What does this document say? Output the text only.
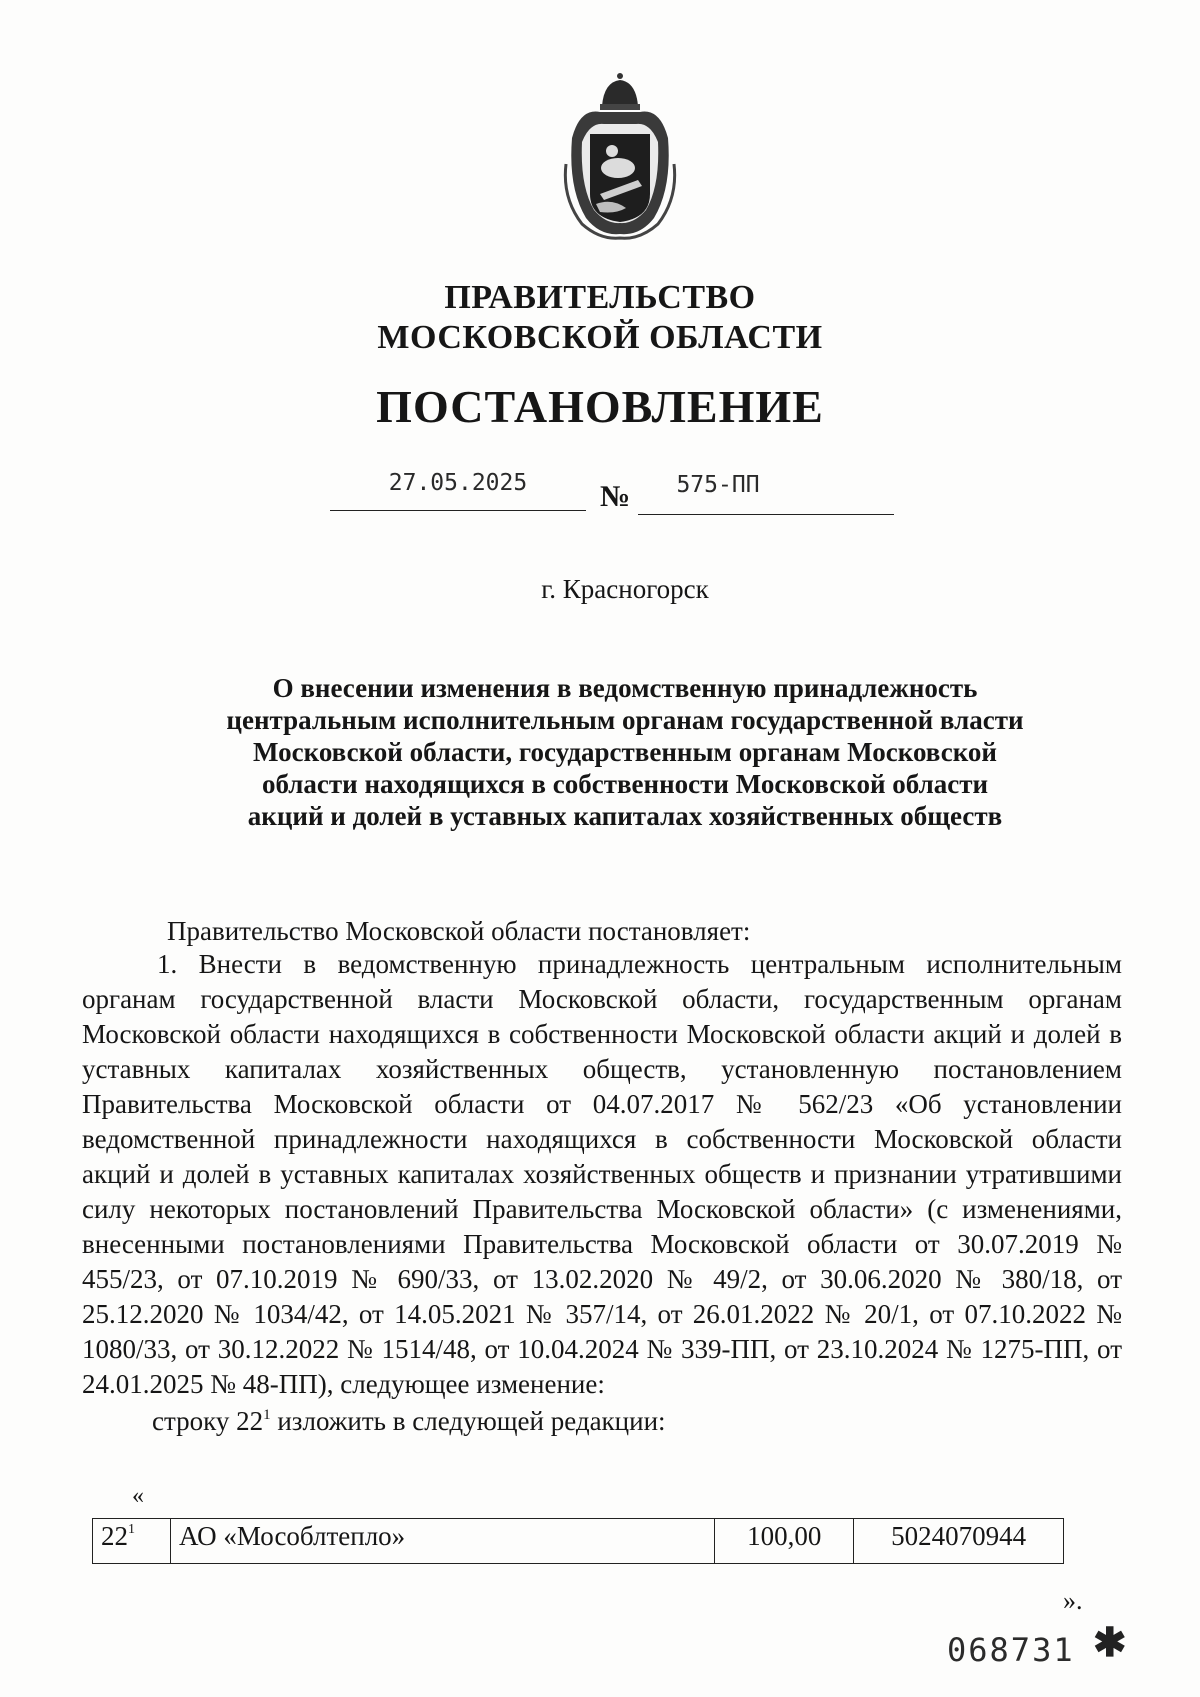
ПРАВИТЕЛЬСТВО
МОСКОВСКОЙ ОБЛАСТИ
ПОСТАНОВЛЕНИЕ
27.05.2025	№	575-ПП
г. Красногорск
О внесении изменения в ведомственную принадлежность
центральным исполнительным органам государственной власти
Московской области, государственным органам Московской
области находящихся в собственности Московской области
акций и долей в уставных капиталах хозяйственных обществ
Правительство Московской области постановляет:
1. Внести в ведомственную принадлежность центральным исполнительным органам государственной власти Московской области, государственным органам Московской области находящихся в собственности Московской области акций и долей в уставных капиталах хозяйственных обществ, установленную постановлением Правительства Московской области от 04.07.2017 № 562/23 «Об установлении ведомственной принадлежности находящихся в собственности Московской области акций и долей в уставных капиталах хозяйственных обществ и признании утратившими силу некоторых постановлений Правительства Московской области» (с изменениями, внесенными постановлениями Правительства Московской области от 30.07.2019 № 455/23, от 07.10.2019 № 690/33, от 13.02.2020 № 49/2, от 30.06.2020 № 380/18, от 25.12.2020 № 1034/42, от 14.05.2021 № 357/14, от 26.01.2022 № 20/1, от 07.10.2022 № 1080/33, от 30.12.2022 № 1514/48, от 10.04.2024 № 339-ПП, от 23.10.2024 № 1275-ПП, от 24.01.2025 № 48-ПП), следующее изменение:
строку $22^1$ изложить в следующей редакции:
«
$22^1$	АО «Мособлтепло»	100,00	5024070944
».
068731 ✱
